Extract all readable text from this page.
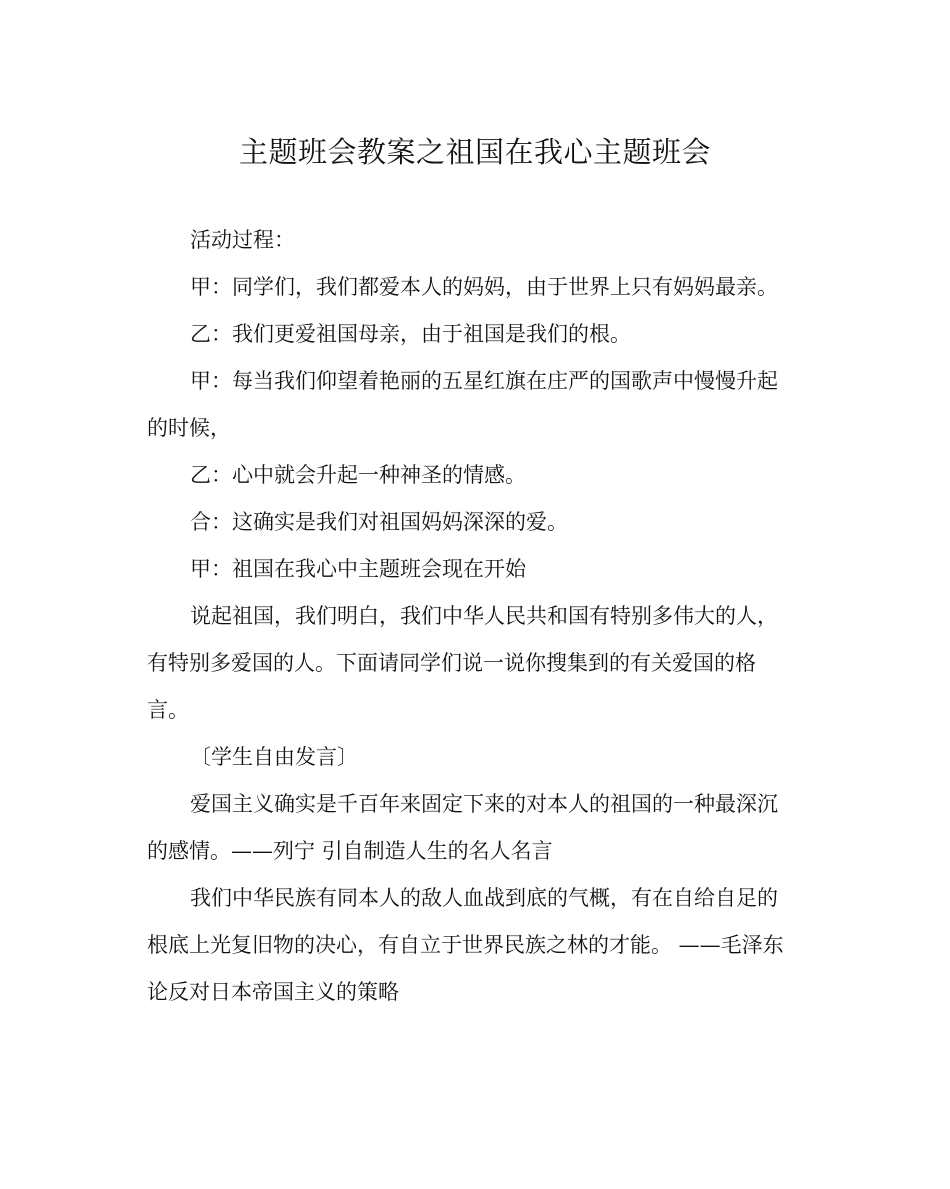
主题班会教案之祖国在我心主题班会

活动过程：

甲：同学们，我们都爱本人的妈妈，由于世界上只有妈妈最亲。

乙：我们更爱祖国母亲，由于祖国是我们的根。

甲：每当我们仰望着艳丽的五星红旗在庄严的国歌声中慢慢升起
的时候，

乙：心中就会升起一种神圣的情感。

合：这确实是我们对祖国妈妈深深的爱。

甲：祖国在我心中主题班会现在开始

说起祖国，我们明白，我们中华人民共和国有特别多伟大的人，
有特别多爱国的人。下面请同学们说一说你搜集到的有关爱国的格
言。

〔学生自由发言〕

爱国主义确实是千百年来固定下来的对本人的祖国的一种最深沉
的感情。——列宁 引自制造人生的名人名言

我们中华民族有同本人的敌人血战到底的气概，有在自给自足的
根底上光复旧物的决心，有自立于世界民族之林的才能。 ——毛泽东
论反对日本帝国主义的策略
